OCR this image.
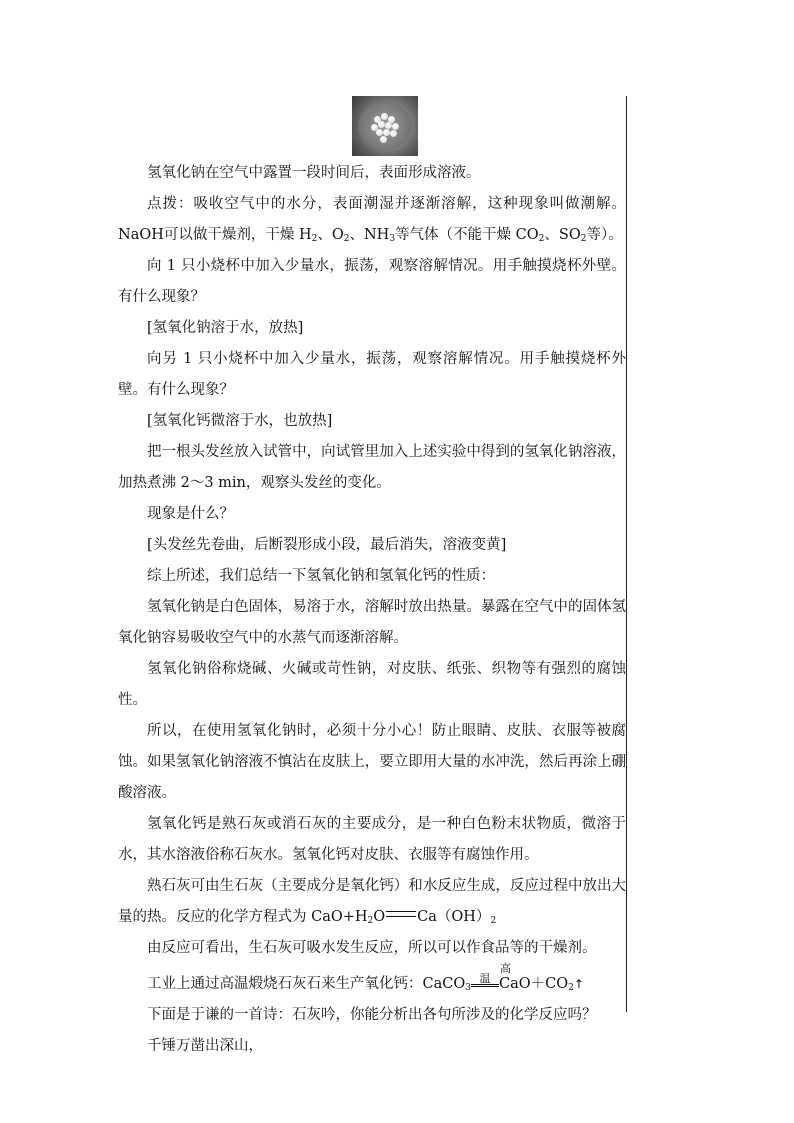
氢氧化钠在空气中露置一段时间后，表面形成溶液。

点拨：吸收空气中的水分，表面潮湿并逐渐溶解，这种现象叫做潮解。NaOH可以做干燥剂，干燥 $H_2$、$O_2$、$NH_3$等气体（不能干燥 $CO_2$、$SO_2$等）。

向 1 只小烧杯中加入少量水，振荡，观察溶解情况。用手触摸烧杯外壁。有什么现象？

[氢氧化钠溶于水，放热]

向另 1 只小烧杯中加入少量水，振荡，观察溶解情况。用手触摸烧杯外壁。有什么现象？

[氢氧化钙微溶于水，也放热]

把一根头发丝放入试管中，向试管里加入上述实验中得到的氢氧化钠溶液，加热煮沸 2～3 min，观察头发丝的变化。

现象是什么？

[头发丝先卷曲，后断裂形成小段，最后消失，溶液变黄]

综上所述，我们总结一下氢氧化钠和氢氧化钙的性质：

氢氧化钠是白色固体，易溶于水，溶解时放出热量。暴露在空气中的固体氢氧化钠容易吸收空气中的水蒸气而逐渐溶解。

氢氧化钠俗称烧碱、火碱或苛性钠，对皮肤、纸张、织物等有强烈的腐蚀性。

所以，在使用氢氧化钠时，必须十分小心！防止眼睛、皮肤、衣服等被腐蚀。如果氢氧化钠溶液不慎沾在皮肤上，要立即用大量的水冲洗，然后再涂上硼酸溶液。

氢氧化钙是熟石灰或消石灰的主要成分，是一种白色粉末状物质，微溶于水，其水溶液俗称石灰水。氢氧化钙对皮肤、衣服等有腐蚀作用。

熟石灰可由生石灰（主要成分是氧化钙）和水反应生成，反应过程中放出大量的热。反应的化学方程式为 $CaO+H_2O$ $Ca(OH)_2$

由反应可看出，生石灰可吸水发生反应，所以可以作食品等的干燥剂。

工业上通过高温煅烧石灰石来生产氧化钙：CaCO$_3$高温 $CaO+CO_2↑$

下面是于谦的一首诗：石灰吟，你能分析出各句所涉及的化学反应吗？

千锤万凿出深山，
